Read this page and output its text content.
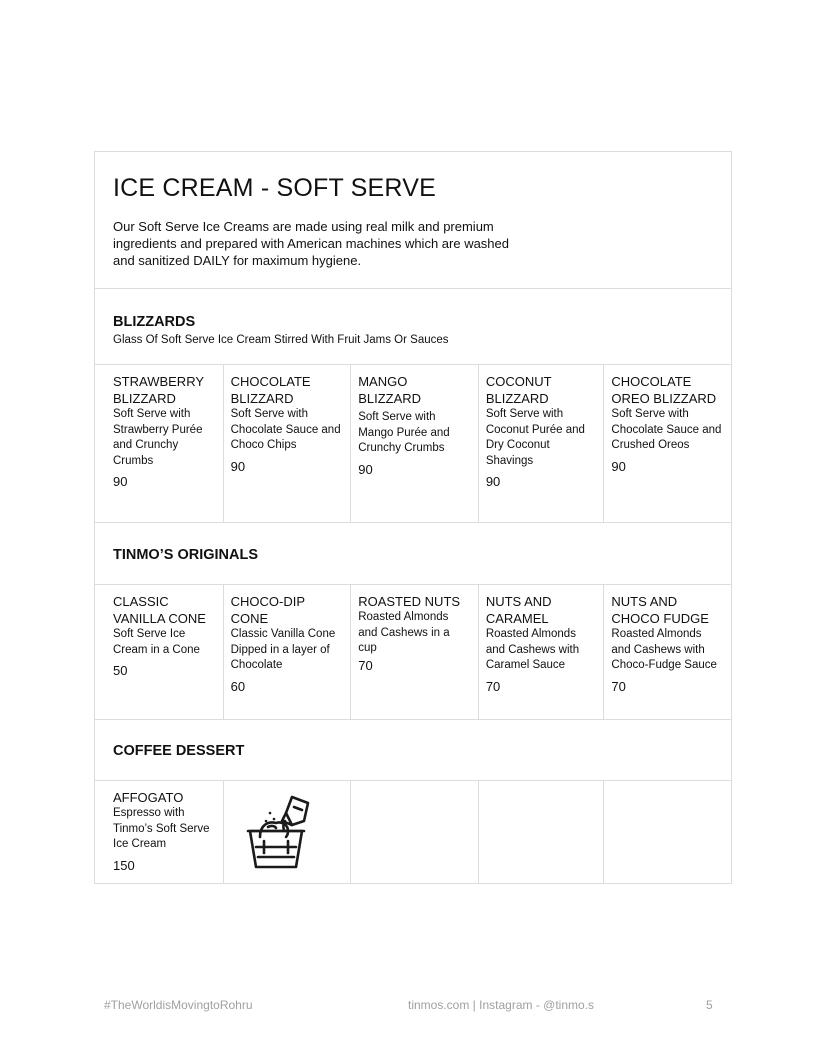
ICE CREAM - SOFT SERVE

Our Soft Serve Ice Creams are made using real milk and premium ingredients and prepared with American machines which are washed and sanitized DAILY for maximum hygiene.

BLIZZARDS
Glass Of Soft Serve Ice Cream Stirred With Fruit Jams Or Sauces
STRAWBERRY BLIZZARD
Soft Serve with Strawberry Purée and Crunchy Crumbs
90
CHOCOLATE BLIZZARD
Soft Serve with Chocolate Sauce and Choco Chips
90
MANGO BLIZZARD
Soft Serve with Mango Purée and Crunchy Crumbs
90
COCONUT BLIZZARD
Soft Serve with Coconut Purée and Dry Coconut Shavings
90
CHOCOLATE OREO BLIZZARD
Soft Serve with Chocolate Sauce and Crushed Oreos
90
TINMO’S ORIGINALS
CLASSIC VANILLA CONE
Soft Serve Ice Cream in a Cone
50
CHOCO-DIP CONE
Classic Vanilla Cone Dipped in a layer of Chocolate
60
ROASTED NUTS
Roasted Almonds and Cashews in a cup
70
NUTS AND CARAMEL
Roasted Almonds and Cashews with Caramel Sauce
70
NUTS AND CHOCO FUDGE
Roasted Almonds and Cashews with Choco-Fudge Sauce
70
COFFEE DESSERT
AFFOGATO
Espresso with Tinmo’s Soft Serve Ice Cream
150
#TheWorldisMovingtoRohru	tinmos.com | Instagram - @tinmo.s	5
